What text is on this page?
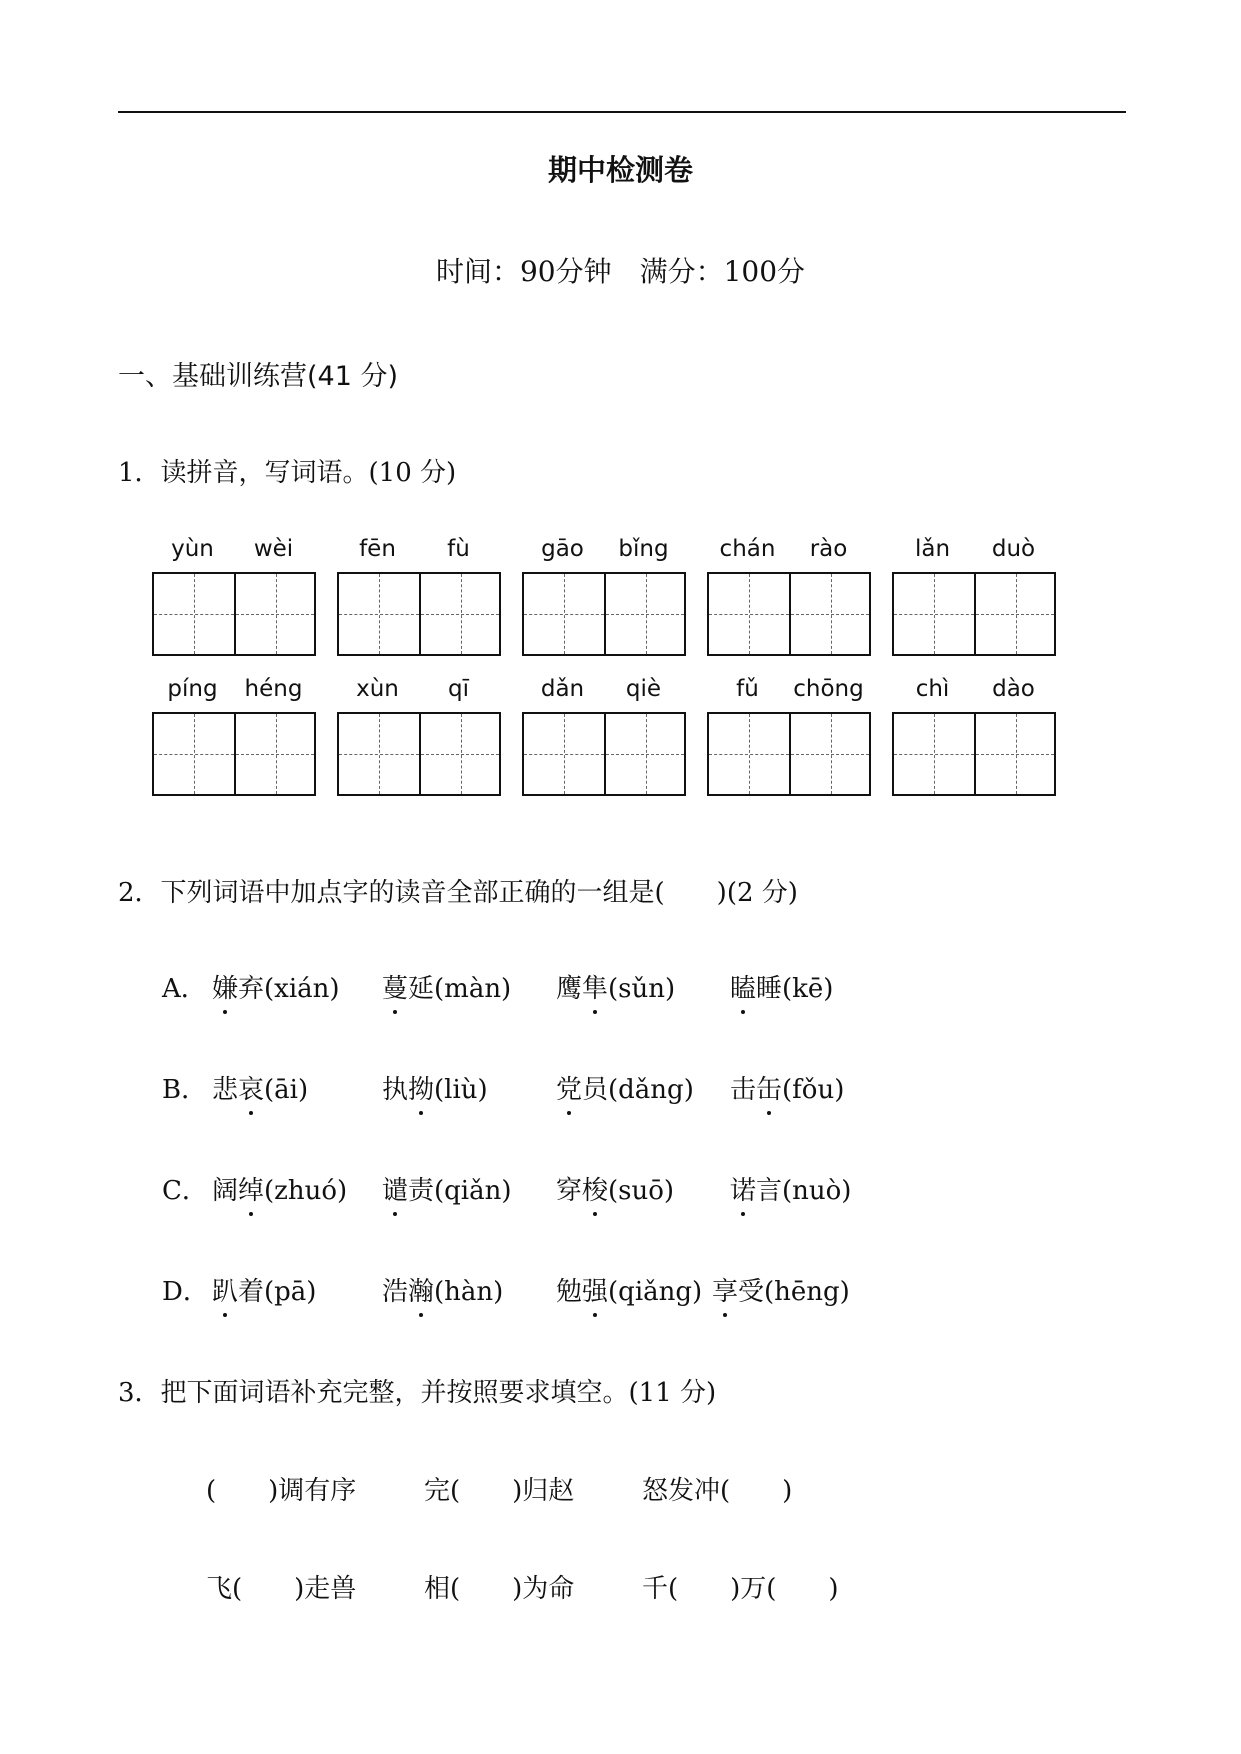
期中检测卷
时间：90分钟　满分：100分
一、基础训练营(41 分)
1．读拼音，写词语。(10 分)
yùn	wèi	fēn	fù	gāo	bǐng	chán	rào	lǎn	duò
píng	héng	xùn	qī	dǎn	qiè	fǔ	chōng	chì	dào
2．下列词语中加点字的读音全部正确的一组是(　　)(2 分)
A． 嫌弃(xián) 蔓延(màn) 鹰隼(sǔn) 瞌睡(kē)
B． 悲哀(āi)	执拗(liù)	党员(dǎng) 击缶(fǒu)
C． 阔绰(zhuó) 谴责(qiǎn) 穿梭(suō) 诺言(nuò)
D． 趴着(pā)	浩瀚(hàn) 勉强(qiǎng) 享受(hēng)
3．把下面词语补充完整，并按照要求填空。(11 分)
(　　)调有序	完(　　)归赵	怒发冲(　　)
飞(　　)走兽	相(　　)为命	千(　　)万(　　)
